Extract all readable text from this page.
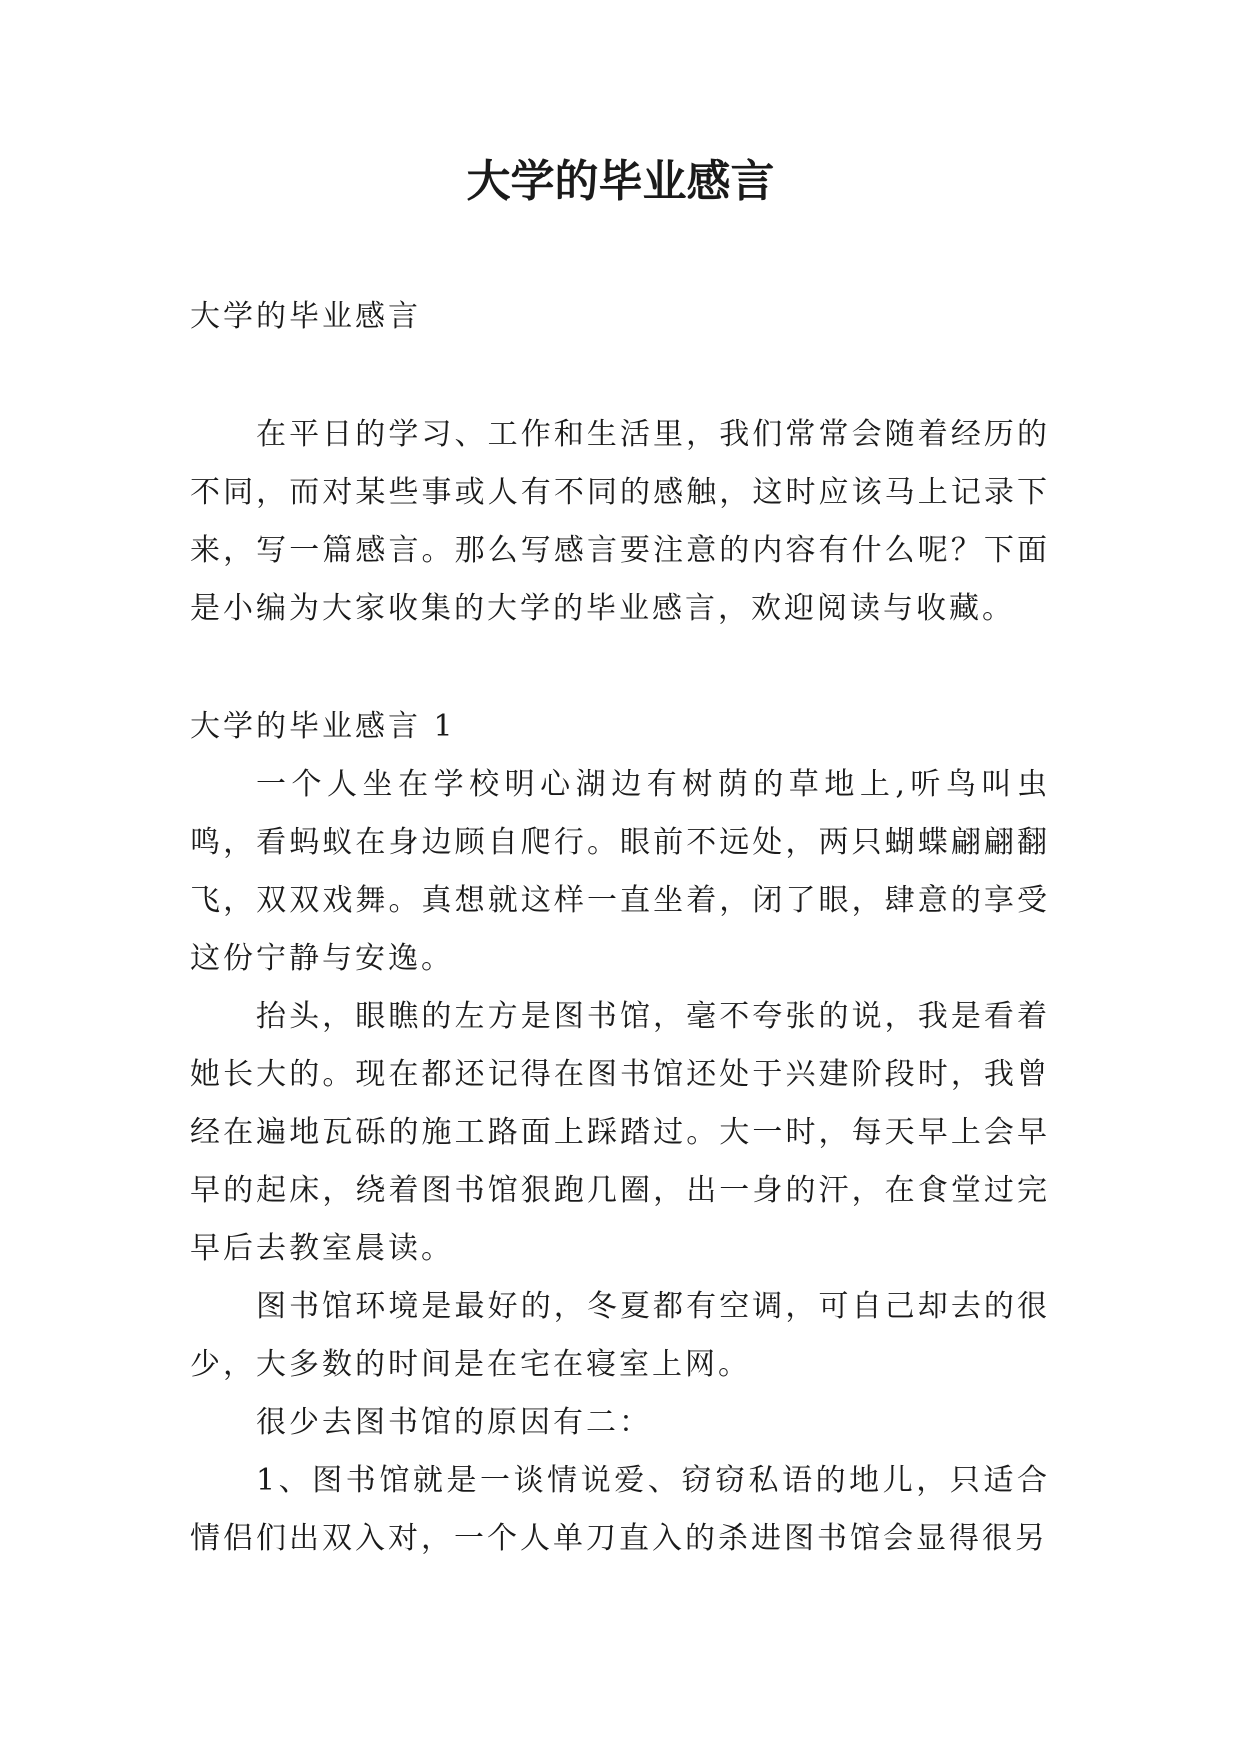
大学的毕业感言

大学的毕业感言

在平日的学习、工作和生活里，我们常常会随着经历的不同，而对某些事或人有不同的感触，这时应该马上记录下来，写一篇感言。那么写感言要注意的内容有什么呢？下面是小编为大家收集的大学的毕业感言，欢迎阅读与收藏。

大学的毕业感言 1

一个人坐在学校明心湖边有树荫的草地上,听鸟叫虫鸣，看蚂蚁在身边顾自爬行。眼前不远处，两只蝴蝶翩翩翻飞，双双戏舞。真想就这样一直坐着，闭了眼，肆意的享受这份宁静与安逸。

抬头，眼瞧的左方是图书馆，毫不夸张的说，我是看着她长大的。现在都还记得在图书馆还处于兴建阶段时，我曾经在遍地瓦砾的施工路面上踩踏过。大一时，每天早上会早早的起床，绕着图书馆狠跑几圈，出一身的汗，在食堂过完早后去教室晨读。

图书馆环境是最好的，冬夏都有空调，可自己却去的很少，大多数的时间是在宅在寝室上网。

很少去图书馆的原因有二：

1、图书馆就是一谈情说爱、窃窃私语的地儿，只适合情侣们出双入对，一个人单刀直入的杀进图书馆会显得很另
